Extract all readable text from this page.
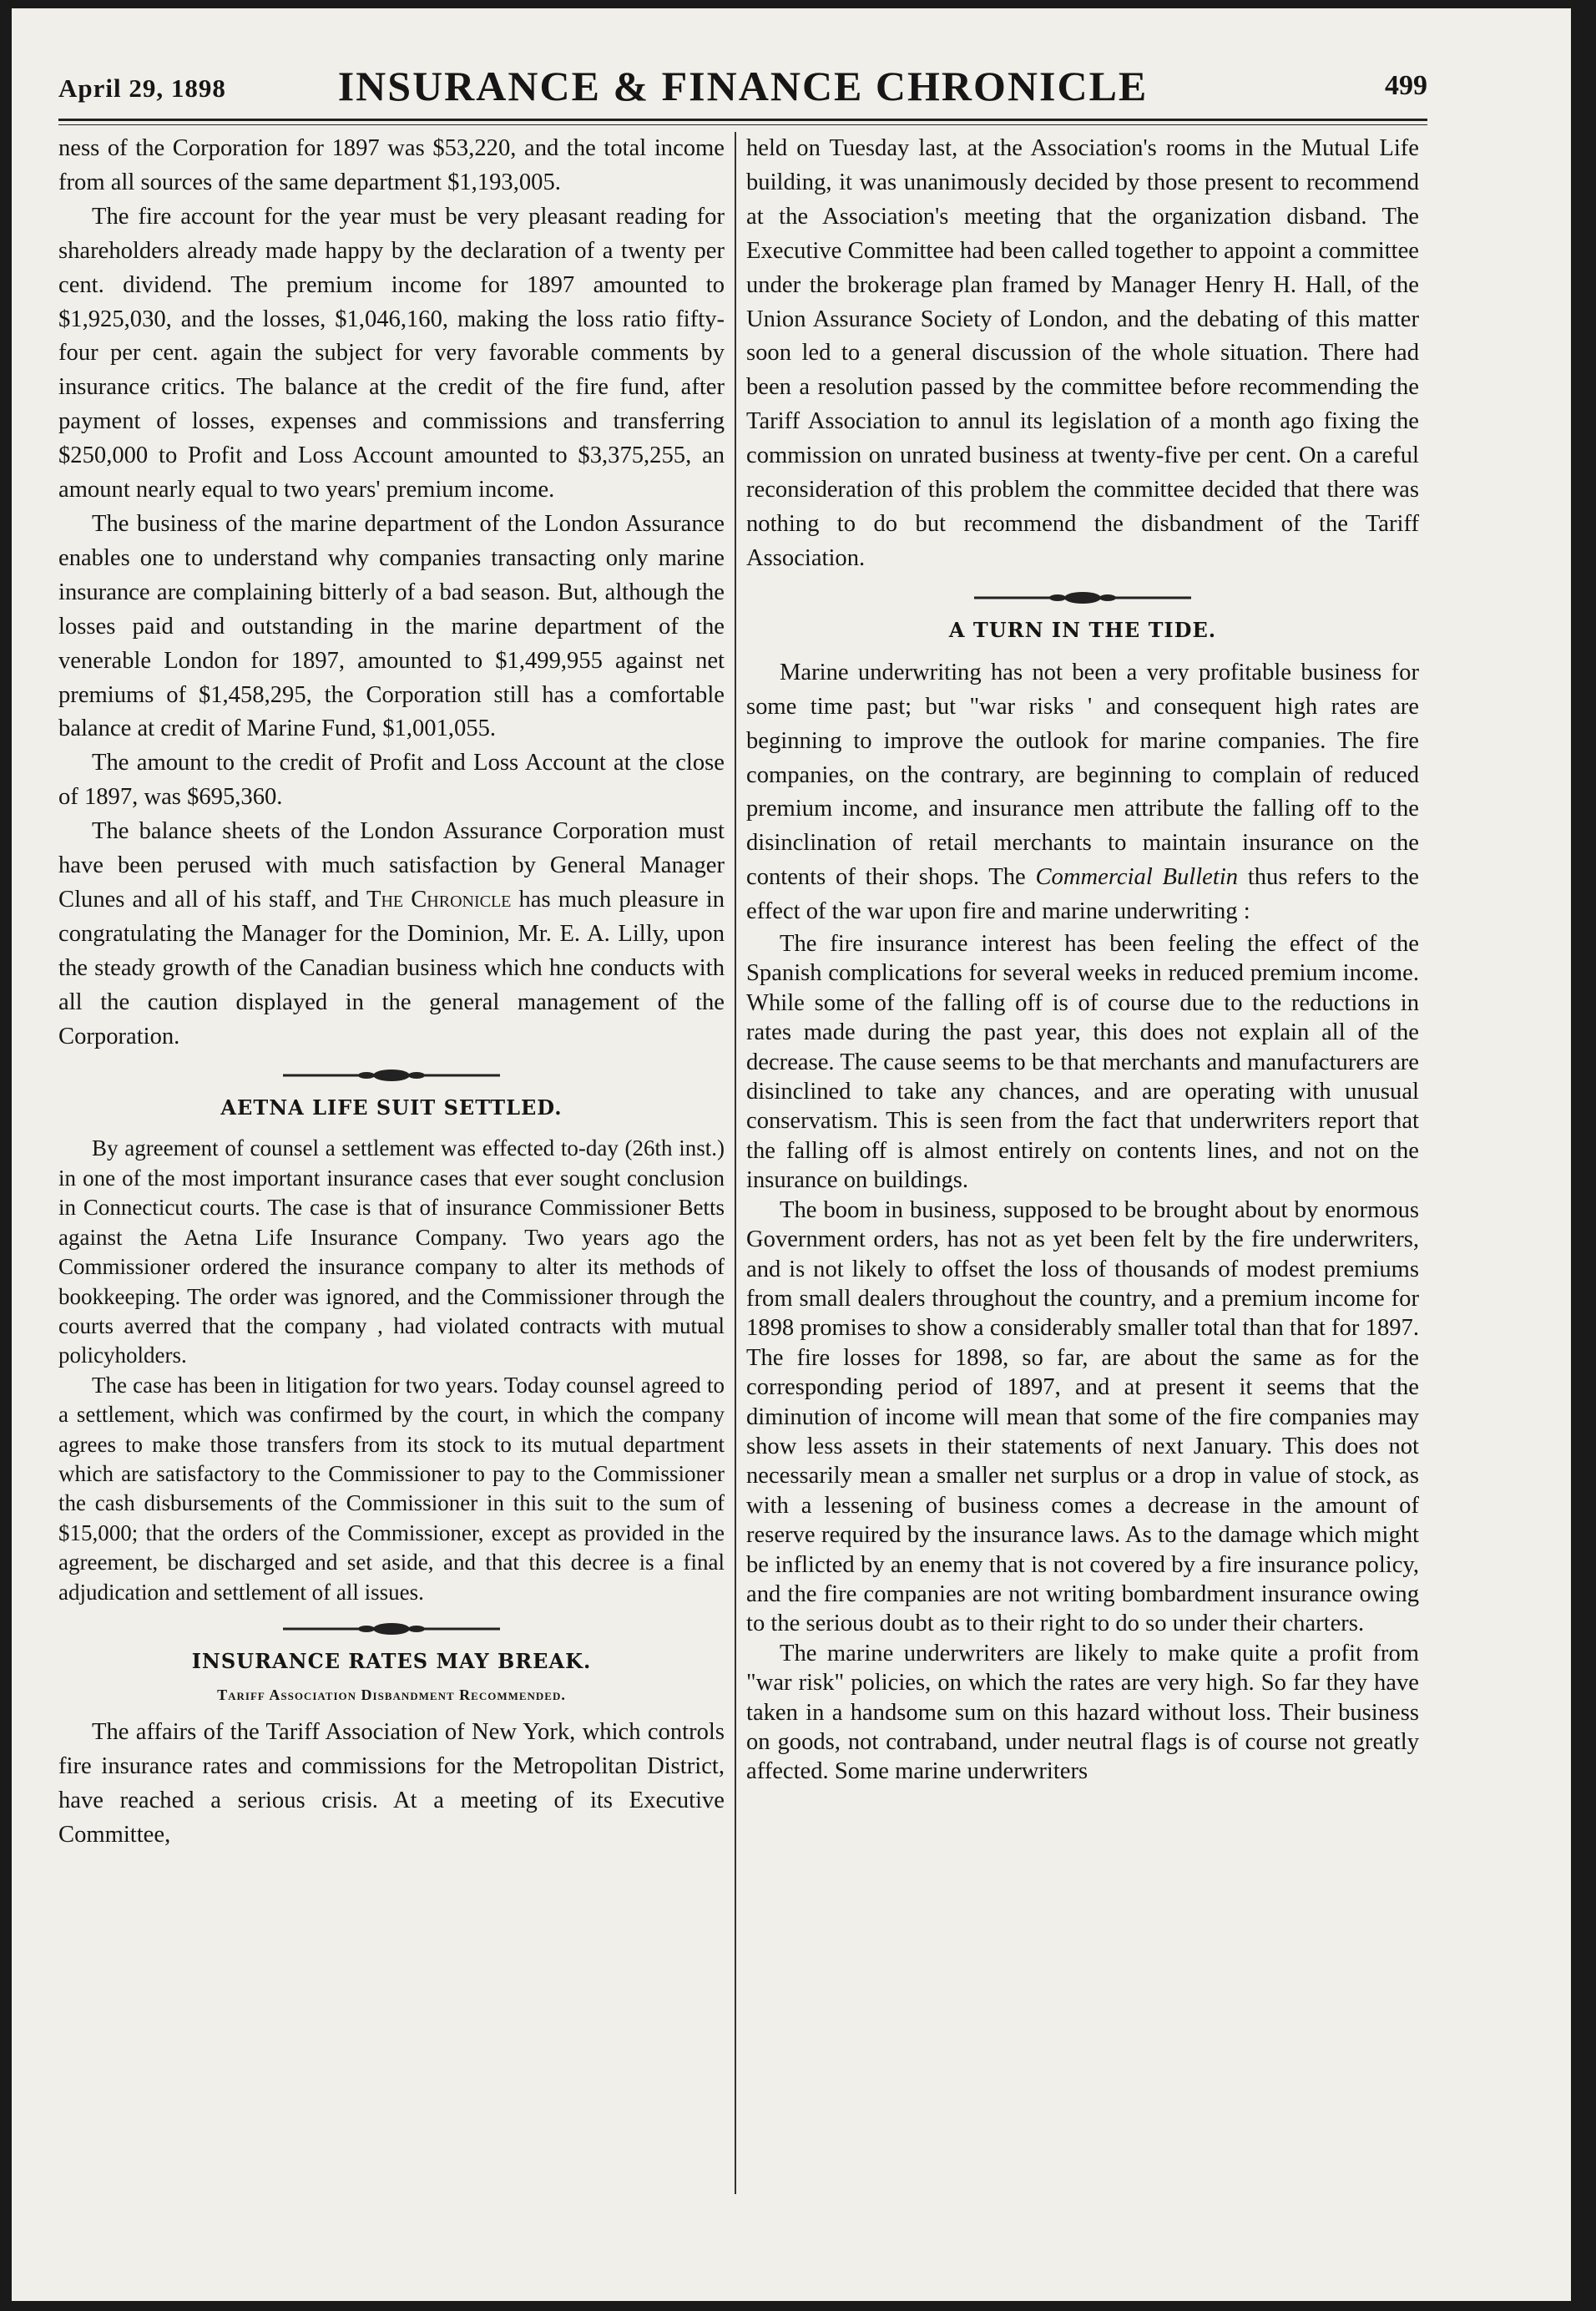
April 29, 1898	INSURANCE & FINANCE CHRONICLE	499

ness of the Corporation for 1897 was $53,220, and the total income from all sources of the same department $1,193,005.

The fire account for the year must be very pleasant reading for shareholders already made happy by the declaration of a twenty per cent. dividend. The premium income for 1897 amounted to $1,925,030, and the losses, $1,046,160, making the loss ratio fifty-four per cent. again the subject for very favorable comments by insurance critics. The balance at the credit of the fire fund, after payment of losses, expenses and commissions and transferring $250,000 to Profit and Loss Account amounted to $3,375,255, an amount nearly equal to two years' premium income.

The business of the marine department of the London Assurance enables one to understand why companies transacting only marine insurance are complaining bitterly of a bad season. But, although the losses paid and outstanding in the marine department of the venerable London for 1897, amounted to $1,499,955 against net premiums of $1,458,295, the Corporation still has a comfortable balance at credit of Marine Fund, $1,001,055.

The amount to the credit of Profit and Loss Account at the close of 1897, was $695,360.

The balance sheets of the London Assurance Corporation must have been perused with much satisfaction by General Manager Clunes and all of his staff, and The Chronicle has much pleasure in congratulating the Manager for the Dominion, Mr. E. A. Lilly, upon the steady growth of the Canadian business which hne conducts with all the caution displayed in the general management of the Corporation.

AETNA LIFE SUIT SETTLED.

By agreement of counsel a settlement was effected to-day (26th inst.) in one of the most important insurance cases that ever sought conclusion in Connecticut courts. The case is that of insurance Commissioner Betts against the Aetna Life Insurance Company. Two years ago the Commissioner ordered the insurance company to alter its methods of bookkeeping. The order was ignored, and the Commissioner through the courts averred that the company , had violated contracts with mutual policyholders.

The case has been in litigation for two years. Today counsel agreed to a settlement, which was confirmed by the court, in which the company agrees to make those transfers from its stock to its mutual department which are satisfactory to the Commissioner to pay to the Commissioner the cash disbursements of the Commissioner in this suit to the sum of $15,000; that the orders of the Commissioner, except as provided in the agreement, be discharged and set aside, and that this decree is a final adjudication and settlement of all issues.

INSURANCE RATES MAY BREAK.
Tariff Association Disbandment Recommended.

The affairs of the Tariff Association of New York, which controls fire insurance rates and commissions for the Metropolitan District, have reached a serious crisis. At a meeting of its Executive Committee,

held on Tuesday last, at the Association's rooms in the Mutual Life building, it was unanimously decided by those present to recommend at the Association's meeting that the organization disband. The Executive Committee had been called together to appoint a committee under the brokerage plan framed by Manager Henry H. Hall, of the Union Assurance Society of London, and the debating of this matter soon led to a general discussion of the whole situation. There had been a resolution passed by the committee before recommending the Tariff Association to annul its legislation of a month ago fixing the commission on unrated business at twenty-five per cent. On a careful reconsideration of this problem the committee decided that there was nothing to do but recommend the disbandment of the Tariff Association.

A TURN IN THE TIDE.

Marine underwriting has not been a very profitable business for some time past; but "war risks ' and consequent high rates are beginning to improve the outlook for marine companies. The fire companies, on the contrary, are beginning to complain of reduced premium income, and insurance men attribute the falling off to the disinclination of retail merchants to maintain insurance on the contents of their shops. The Commercial Bulletin thus refers to the effect of the war upon fire and marine underwriting :

The fire insurance interest has been feeling the effect of the Spanish complications for several weeks in reduced premium income. While some of the falling off is of course due to the reductions in rates made during the past year, this does not explain all of the decrease. The cause seems to be that merchants and manufacturers are disinclined to take any chances, and are operating with unusual conservatism. This is seen from the fact that underwriters report that the falling off is almost entirely on contents lines, and not on the insurance on buildings.

The boom in business, supposed to be brought about by enormous Government orders, has not as yet been felt by the fire underwriters, and is not likely to offset the loss of thousands of modest premiums from small dealers throughout the country, and a premium income for 1898 promises to show a considerably smaller total than that for 1897. The fire losses for 1898, so far, are about the same as for the corresponding period of 1897, and at present it seems that the diminution of income will mean that some of the fire companies may show less assets in their statements of next January. This does not necessarily mean a smaller net surplus or a drop in value of stock, as with a lessening of business comes a decrease in the amount of reserve required by the insurance laws. As to the damage which might be inflicted by an enemy that is not covered by a fire insurance policy, and the fire companies are not writing bombardment insurance owing to the serious doubt as to their right to do so under their charters.

The marine underwriters are likely to make quite a profit from "war risk" policies, on which the rates are very high. So far they have taken in a handsome sum on this hazard without loss. Their business on goods, not contraband, under neutral flags is of course not greatly affected. Some marine underwriters
